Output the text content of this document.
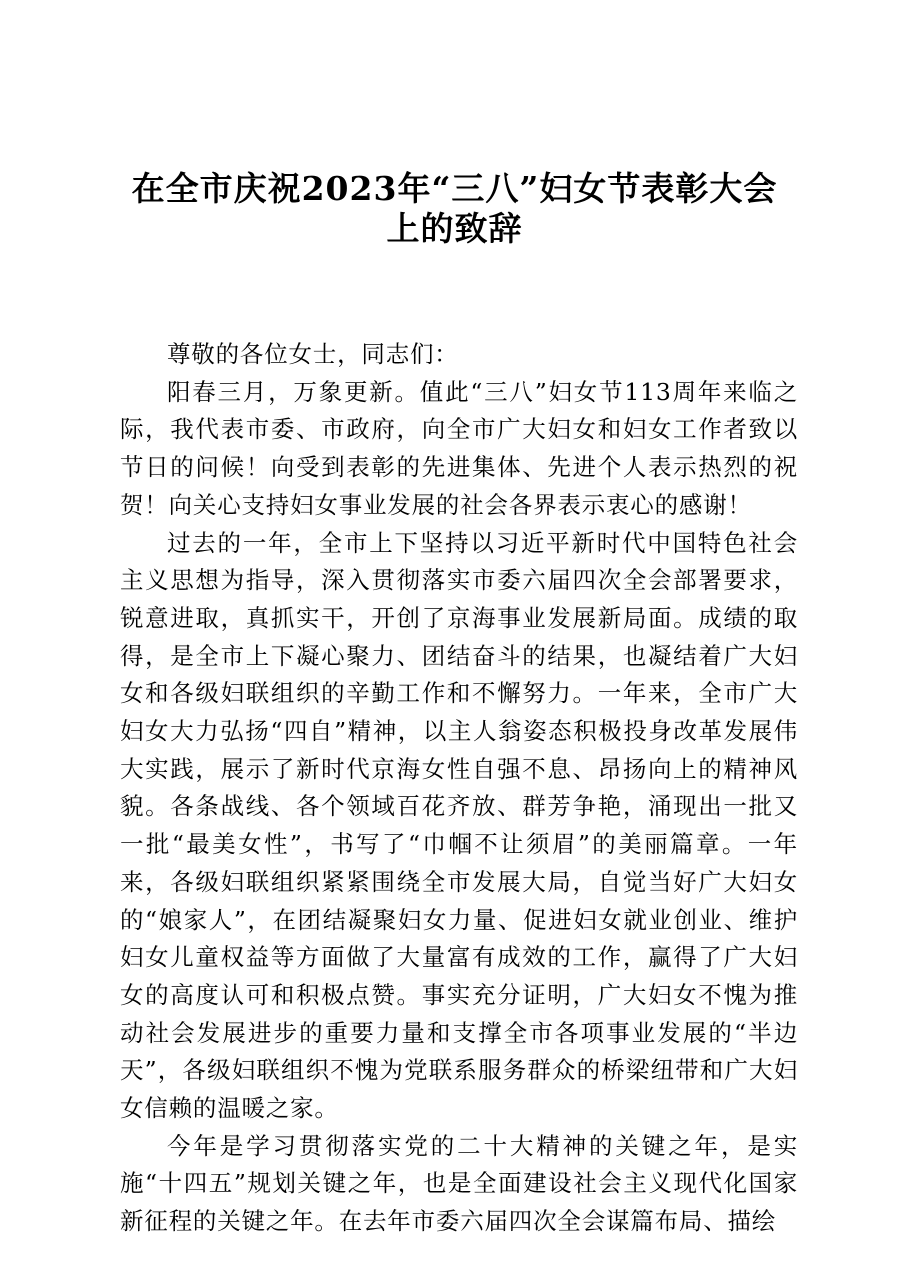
在全市庆祝2023年“三八”妇女节表彰大会
上的致辞

尊敬的各位女士，同志们：

阳春三月，万象更新。值此“三八”妇女节113周年来临之际，我代表市委、市政府，向全市广大妇女和妇女工作者致以节日的问候！向受到表彰的先进集体、先进个人表示热烈的祝贺！向关心支持妇女事业发展的社会各界表示衷心的感谢！

过去的一年，全市上下坚持以习近平新时代中国特色社会主义思想为指导，深入贯彻落实市委六届四次全会部署要求，锐意进取，真抓实干，开创了京海事业发展新局面。成绩的取得，是全市上下凝心聚力、团结奋斗的结果，也凝结着广大妇女和各级妇联组织的辛勤工作和不懈努力。一年来，全市广大妇女大力弘扬“四自”精神，以主人翁姿态积极投身改革发展伟大实践，展示了新时代京海女性自强不息、昂扬向上的精神风貌。各条战线、各个领域百花齐放、群芳争艳，涌现出一批又一批“最美女性”，书写了“巾帼不让须眉”的美丽篇章。一年来，各级妇联组织紧紧围绕全市发展大局，自觉当好广大妇女的“娘家人”，在团结凝聚妇女力量、促进妇女就业创业、维护妇女儿童权益等方面做了大量富有成效的工作，赢得了广大妇女的高度认可和积极点赞。事实充分证明，广大妇女不愧为推动社会发展进步的重要力量和支撑全市各项事业发展的“半边天”，各级妇联组织不愧为党联系服务群众的桥梁纽带和广大妇女信赖的温暖之家。

今年是学习贯彻落实党的二十大精神的关键之年，是实施“十四五”规划关键之年，也是全面建设社会主义现代化国家新征程的关键之年。在去年市委六届四次全会谋篇布局、描绘
